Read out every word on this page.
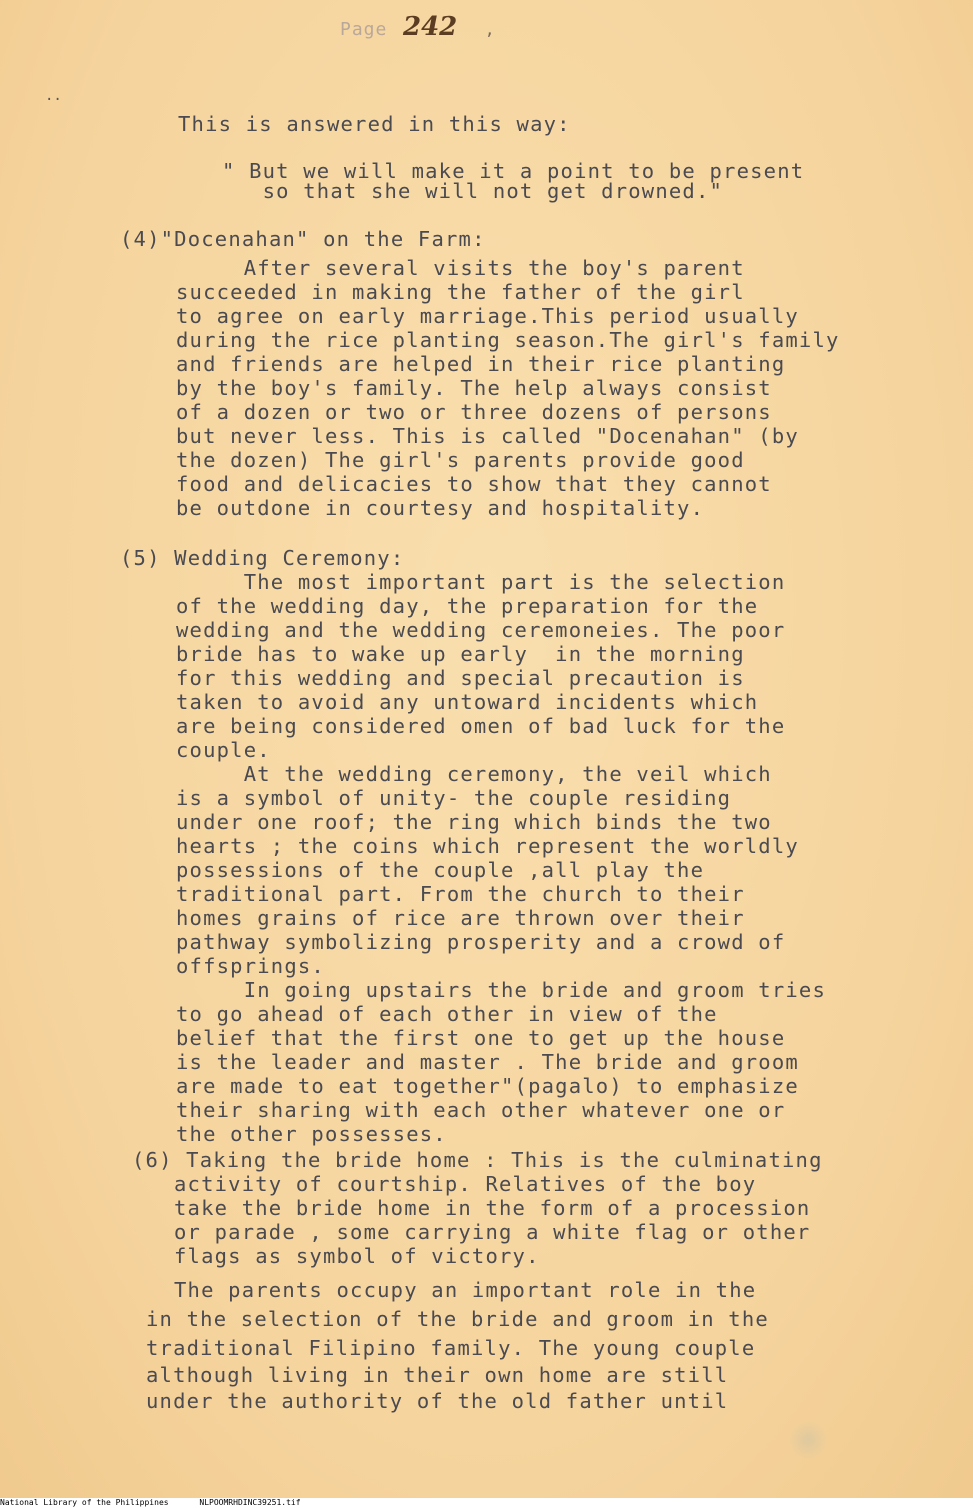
Page 242 ,
..
This is answered in this way:
" But we will make it a point to be present
so that she will not get drowned."
(4)"Docenahan" on the Farm:
After several visits the boy's parent
succeeded in making the father of the girl
to agree on early marriage.This period usually
during the rice planting season.The girl's family
and friends are helped in their rice planting
by the boy's family. The help always consist
of a dozen or two or three dozens of persons
but never less. This is called "Docenahan" (by
the dozen) The girl's parents provide good
food and delicacies to show that they cannot
be outdone in courtesy and hospitality.
(5) Wedding Ceremony:
The most important part is the selection
of the wedding day, the preparation for the
wedding and the wedding ceremoneies. The poor
bride has to wake up early  in the morning
for this wedding and special precaution is
taken to avoid any untoward incidents which
are being considered omen of bad luck for the
couple.
At the wedding ceremony, the veil which
is a symbol of unity- the couple residing
under one roof; the ring which binds the two
hearts ; the coins which represent the worldly
possessions of the couple ,all play the
traditional part. From the church to their
homes grains of rice are thrown over their
pathway symbolizing prosperity and a crowd of
offsprings.
In going upstairs the bride and groom tries
to go ahead of each other in view of the
belief that the first one to get up the house
is the leader and master . The bride and groom
are made to eat together"(pagalo) to emphasize
their sharing with each other whatever one or
the other possesses.
(6) Taking the bride home : This is the culminating
activity of courtship. Relatives of the boy
take the bride home in the form of a procession
or parade , some carrying a white flag or other
flags as symbol of victory.
The parents occupy an important role in the
in the selection of the bride and groom in the
traditional Filipino family. The young couple
although living in their own home are still
under the authority of the old father until
National Library of the Philippines	NLPOOMRHDINC39251.tif
